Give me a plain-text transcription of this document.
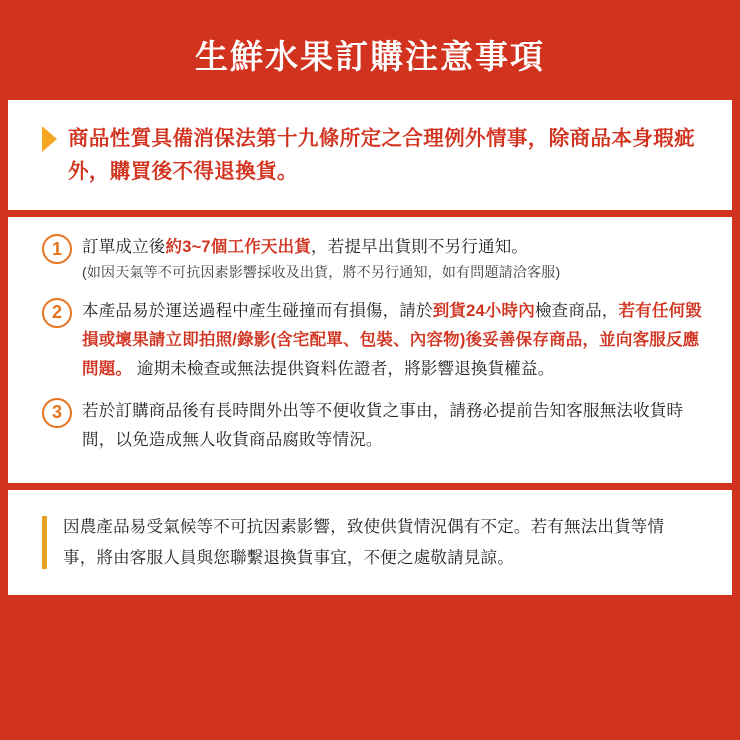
生鮮水果訂購注意事項
商品性質具備消保法第十九條所定之合理例外情事，除商品本身瑕疵外，購買後不得退換貨。
1	訂單成立後約3~7個工作天出貨，若提早出貨則不另行通知。
(如因天氣等不可抗因素影響採收及出貨，將不另行通知，如有問題請洽客服)
2	本產品易於運送過程中產生碰撞而有損傷，請於到貨24小時內檢查商品，若有任何毀損或壞果請立即拍照/錄影(含宅配單、包裝、內容物)後妥善保存商品，並向客服反應問題。 逾期未檢查或無法提供資料佐證者，將影響退換貨權益。
3	若於訂購商品後有長時間外出等不便收貨之事由，請務必提前告知客服無法收貨時間，以免造成無人收貨商品腐敗等情況。
因農產品易受氣候等不可抗因素影響，致使供貨情況偶有不定。若有無法出貨等情事，將由客服人員與您聯繫退換貨事宜，不便之處敬請見諒。
